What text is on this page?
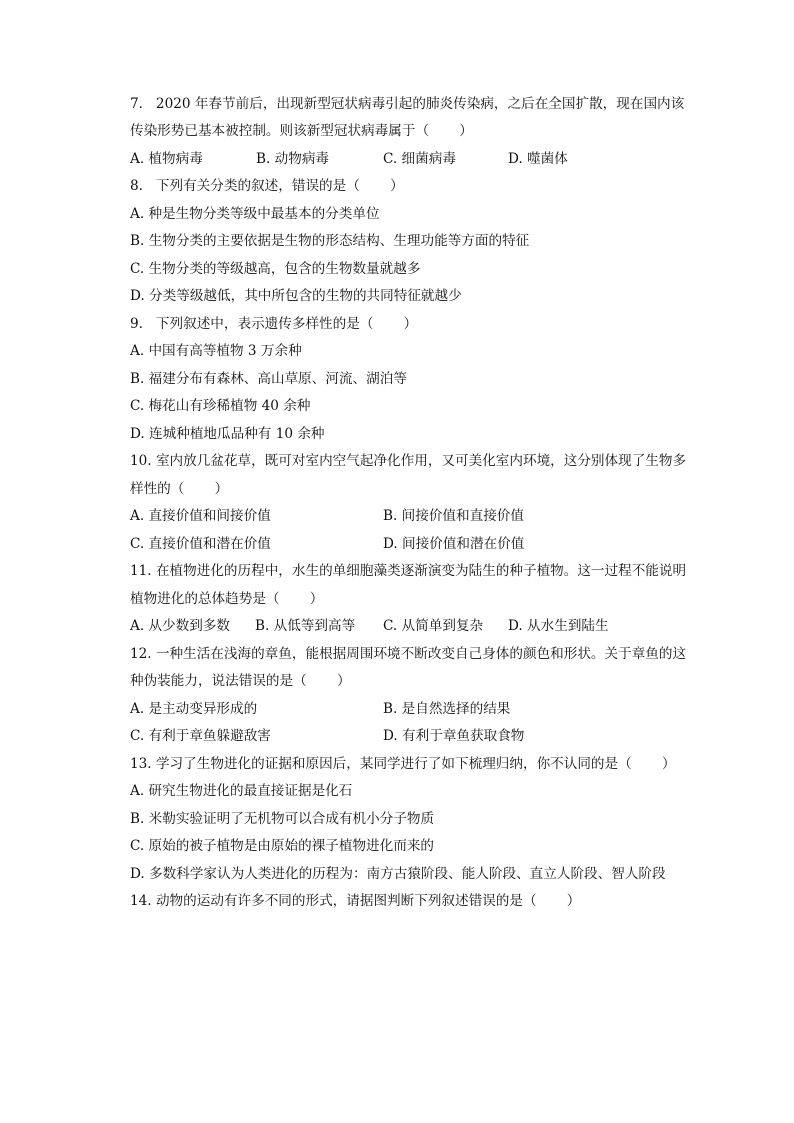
7.   2020 年春节前后，出现新型冠状病毒引起的肺炎传染病，之后在全国扩散，现在国内该
传染形势已基本被控制。则该新型冠状病毒属于（       ）
A. 植物病毒	B. 动物病毒	C. 细菌病毒	D. 噬菌体
8.   下列有关分类的叙述，错误的是（       ）
A. 种是生物分类等级中最基本的分类单位
B. 生物分类的主要依据是生物的形态结构、生理功能等方面的特征
C. 生物分类的等级越高，包含的生物数量就越多
D. 分类等级越低，其中所包含的生物的共同特征就越少
9.   下列叙述中，表示遗传多样性的是（       ）
A. 中国有高等植物 3 万余种
B. 福建分布有森林、高山草原、河流、湖泊等
C. 梅花山有珍稀植物 40 余种
D. 连城种植地瓜品种有 10 余种
10. 室内放几盆花草，既可对室内空气起净化作用，又可美化室内环境，这分别体现了生物多
样性的（       ）
A. 直接价值和间接价值	B. 间接价值和直接价值
C. 直接价值和潜在价值	D. 间接价值和潜在价值
11. 在植物进化的历程中，水生的单细胞藻类逐渐演变为陆生的种子植物。这一过程不能说明
植物进化的总体趋势是（       ）
A. 从少数到多数 B. 从低等到高等 C. 从简单到复杂 D. 从水生到陆生
12. 一种生活在浅海的章鱼，能根据周围环境不断改变自己身体的颜色和形状。关于章鱼的这
种伪装能力，说法错误的是（       ）
A. 是主动变异形成的	B. 是自然选择的结果
C. 有利于章鱼躲避敌害	D. 有利于章鱼获取食物
13. 学习了生物进化的证据和原因后，某同学进行了如下梳理归纳，你不认同的是（       ）
A. 研究生物进化的最直接证据是化石
B. 米勒实验证明了无机物可以合成有机小分子物质
C. 原始的被子植物是由原始的裸子植物进化而来的
D. 多数科学家认为人类进化的历程为：南方古猿阶段、能人阶段、直立人阶段、智人阶段
14. 动物的运动有许多不同的形式，请据图判断下列叙述错误的是（       ）
